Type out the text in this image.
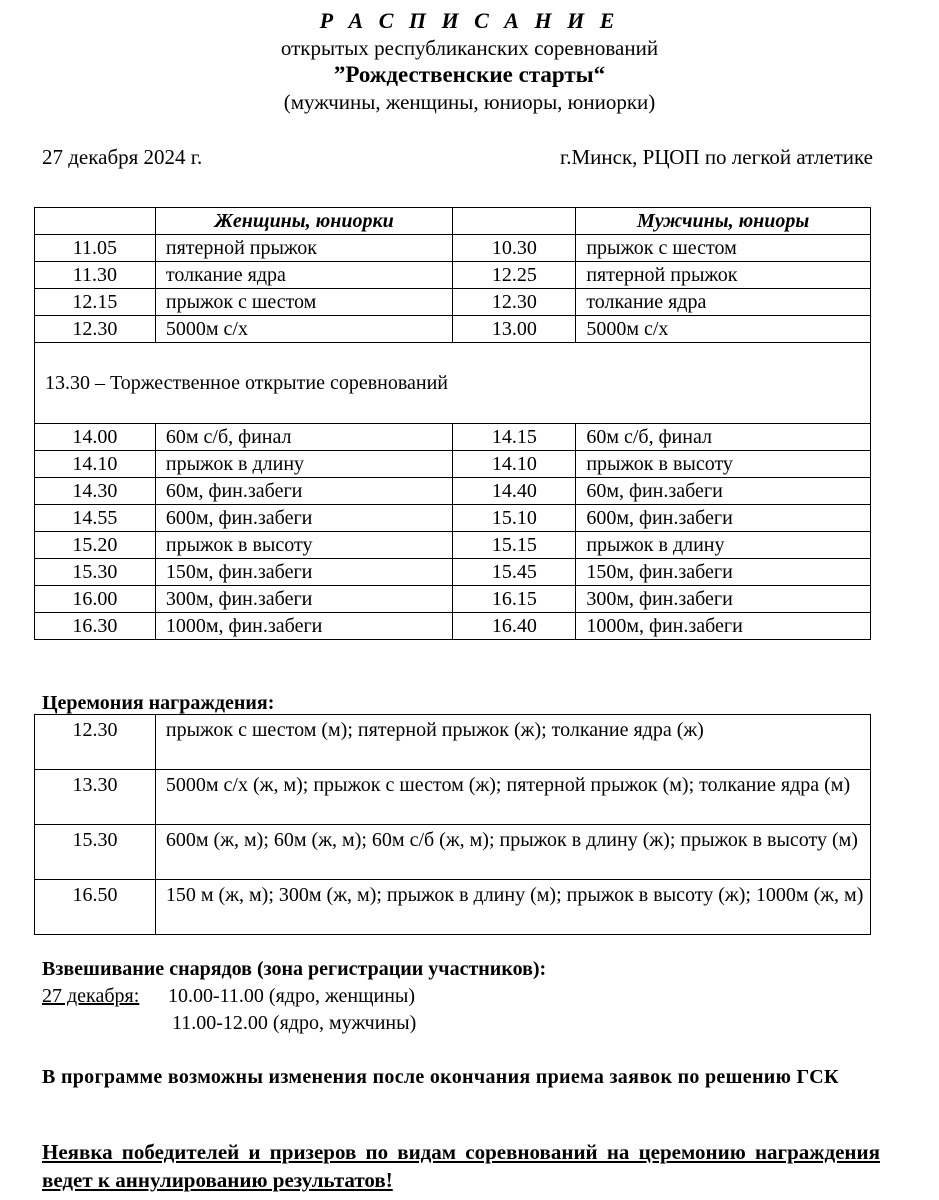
Р А С П И С А Н И Е
открытых республиканских соревнований
”Рождественские старты“
(мужчины, женщины, юниоры, юниорки)
27 декабря 2024 г.	г.Минск, РЦОП по легкой атлетике
	Женщины, юниорки		Мужчины, юниоры
11.05	пятерной прыжок	10.30	прыжок с шестом
11.30	толкание ядра	12.25	пятерной прыжок
12.15	прыжок с шестом	12.30	толкание ядра
12.30	5000м с/х	13.00	5000м с/х
13.30 – Торжественное открытие соревнований			
14.00	60м с/б, финал	14.15	60м с/б, финал
14.10	прыжок в длину	14.10	прыжок в высоту
14.30	60м, фин.забеги	14.40	60м, фин.забеги
14.55	600м, фин.забеги	15.10	600м, фин.забеги
15.20	прыжок в высоту	15.15	прыжок в длину
15.30	150м, фин.забеги	15.45	150м, фин.забеги
16.00	300м, фин.забеги	16.15	300м, фин.забеги
16.30	1000м, фин.забеги	16.40	1000м, фин.забеги
Церемония награждения:
12.30	прыжок с шестом (м); пятерной прыжок (ж); толкание ядра (ж)
13.30	5000м с/х (ж, м); прыжок с шестом (ж); пятерной прыжок (м); толкание ядра (м)
15.30	600м (ж, м); 60м (ж, м); 60м с/б (ж, м); прыжок в длину (ж); прыжок в высоту (м)
16.50	150 м (ж, м); 300м (ж, м); прыжок в длину (м); прыжок в высоту (ж); 1000м (ж, м)
Взвешивание снарядов (зона регистрации участников):
27 декабря: 10.00-11.00 (ядро, женщины)
11.00-12.00 (ядро, мужчины)
В программе возможны изменения после окончания приема заявок по решению ГСК
Неявка победителей и призеров по видам соревнований на церемонию награждения ведет к аннулированию результатов!
